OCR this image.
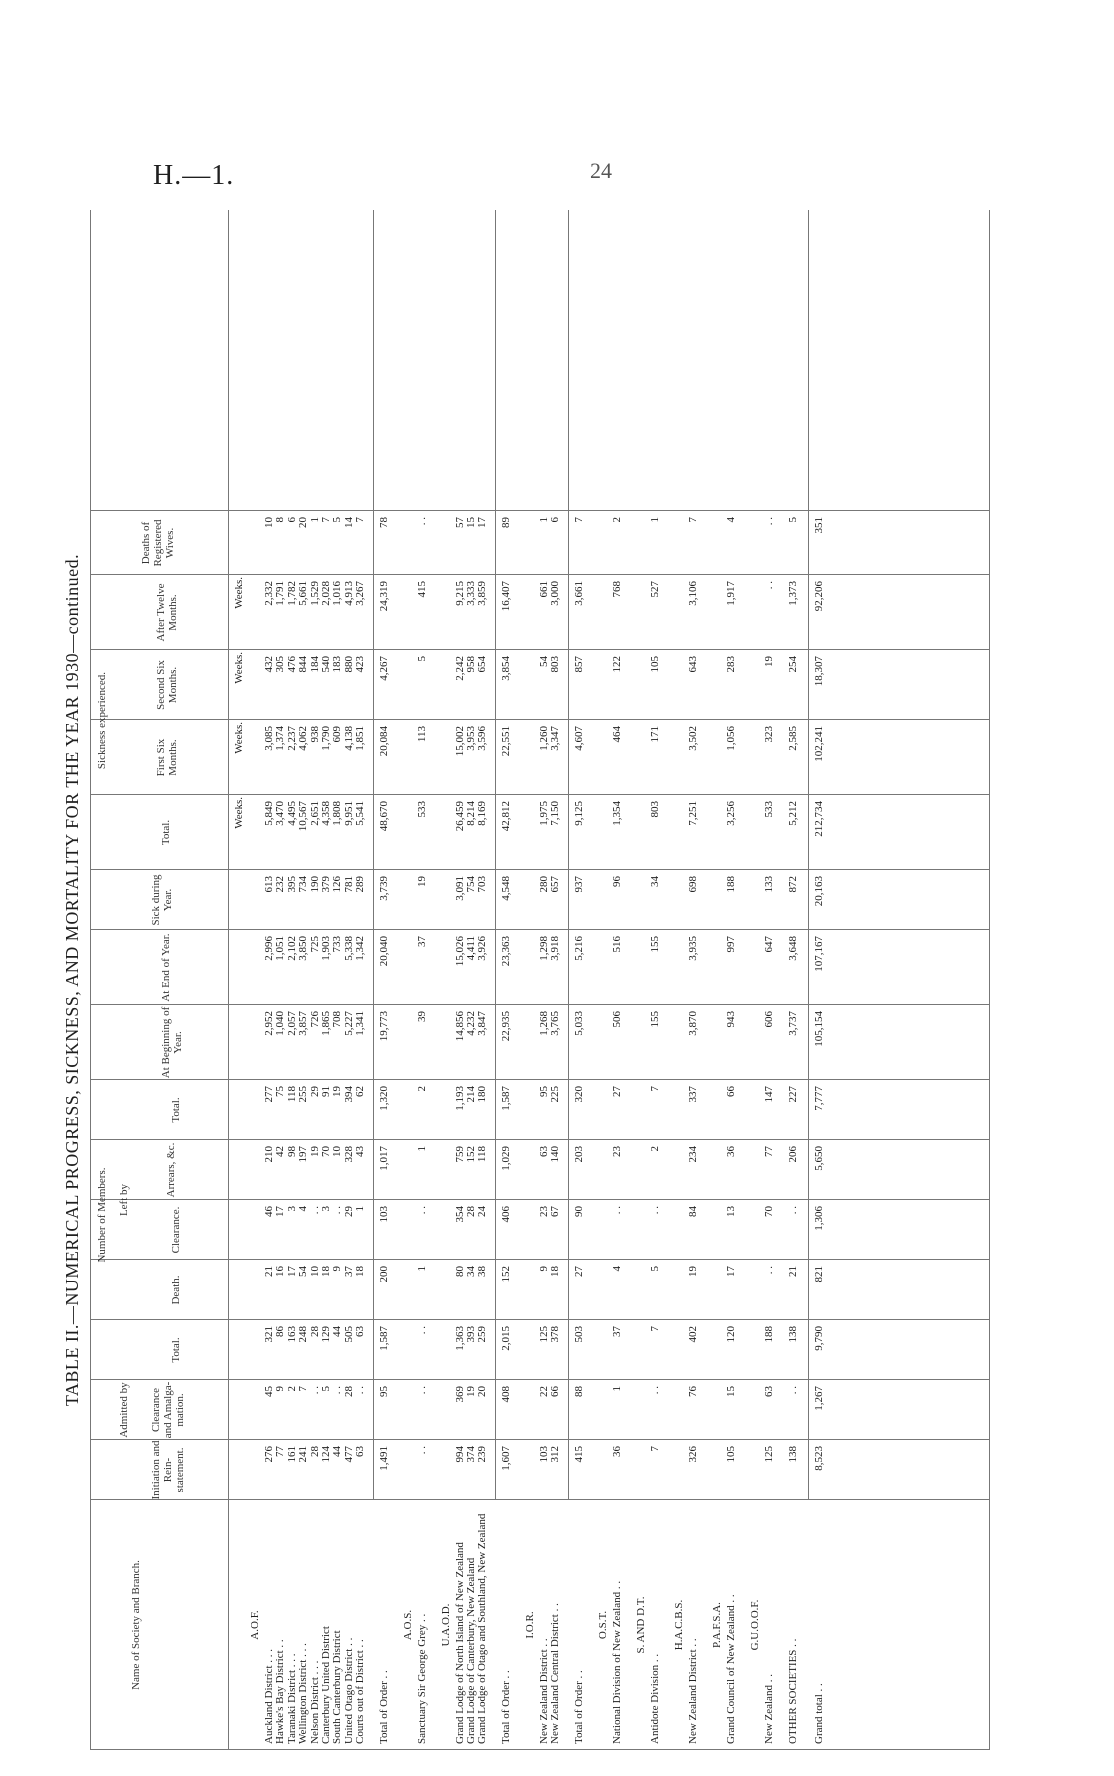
H.—1.	24
TABLE II.—NUMERICAL PROGRESS, SICKNESS, AND MORTALITY FOR THE YEAR 1930—continued.
Name of Society and Branch.
Number of Members.
Admitted by
Left by
Initiation and Rein-statement.
Clearance and Amalga-mation.
Total.
Death.
Clearance.
Arrears, &c.
Total.
At Beginning of Year.
At End of Year.
Sickness experienced.
Sick during Year.
Total.
First Six Months.
Second Six Months.
After Twelve Months.
Deaths of Registered Wives.
Weeks.
Weeks.
Weeks.
Weeks.
A.O.F.
Auckland District . . .
Hawke's Bay District . .
Taranaki District . . .
Wellington District . . .
Nelson District . . .
Canterbury United District
South Canterbury District
United Otago District . .
Courts out of District . .
276
77
161
241
28
124
44
477
63
45
9
2
7
. .
5
. .
28
. .
321
86
163
248
28
129
44
505
63
21
16
17
54
10
18
9
37
18
46
17
3
4
. .
3
. .
29
1
210
42
98
197
19
70
10
328
43
277
75
118
255
29
91
19
394
62
2,952
1,040
2,057
3,857
726
1,865
708
5,227
1,341
2,996
1,051
2,102
3,850
725
1,903
733
5,338
1,342
613
232
395
734
190
379
126
781
289
5,849
3,470
4,495
10,567
2,651
4,358
1,808
9,951
5,541
3,085
1,374
2,237
4,062
938
1,790
609
4,138
1,851
432
305
476
844
184
540
183
880
423
2,332
1,791
1,782
5,661
1,529
2,028
1,016
4,913
3,267
10
8
6
20
1
7
5
14
7
Total of Order . .
1,491
95
1,587
200
103
1,017
1,320
19,773
20,040
3,739
48,670
20,084
4,267
24,319
78
A.O.S. Sanctuary Sir George Grey . .
. .
. .
. .
1
. .
1
2
39
37
19
533
113
5
415
. .
U.A.O.D.
Grand Lodge of North Island of New Zealand
Grand Lodge of Canterbury, New Zealand
Grand Lodge of Otago and Southland, New Zealand
994
374
239
369
19
20
1,363
393
259
80
34
38
354
28
24
759
152
118
1,193
214
180
14,856
4,232
3,847
15,026
4,411
3,926
3,091
754
703
26,459
8,214
8,169
15,002
3,953
3,596
2,242
958
654
9,215
3,333
3,859
57
15
17
Total of Order . .
1,607
408
2,015
152
406
1,029
1,587
22,935
23,363
4,548
42,812
22,551
3,854
16,407
89
I.O.R.
New Zealand District . .
New Zealand Central District . .
103
312
22
66
125
378
9
18
23
67
63
140
95
225
1,268
3,765
1,298
3,918
280
657
1,975
7,150
1,260
3,347
54
803
661
3,000
1
6
Total of Order . .
415
88
503
27
90
203
320
5,033
5,216
937
9,125
4,607
857
3,661
7
O.S.T. National Division of New Zealand . .
36
1
37
4
. .
23
27
506
516
96
1,354
464
122
768
2
S. AND D.T.
Antidote Division . .
7
. .
7
5
. .
2
7
155
155
34
803
171
105
527
1
H.A.C.B.S.
New Zealand District . .
326
76
402
19
84
234
337
3,870
3,935
698
7,251
3,502
643
3,106
7
P.A.F.S.A. Grand Council of New Zealand . .
105
15
120
17
13
36
66
943
997
188
3,256
1,056
283
1,917
4
G.U.O.O.F.
New Zealand . .
125
63
188
. .
70
77
147
606
647
133
533
323
19
. .
. .
OTHER SOCIETIES . .
138
. .
138
21
. .
206
227
3,737
3,648
872
5,212
2,585
254
1,373
5
Grand total . .
8,523
1,267
9,790
821
1,306
5,650
7,777
105,154
107,167
20,163
212,734
102,241
18,307
92,206
351
